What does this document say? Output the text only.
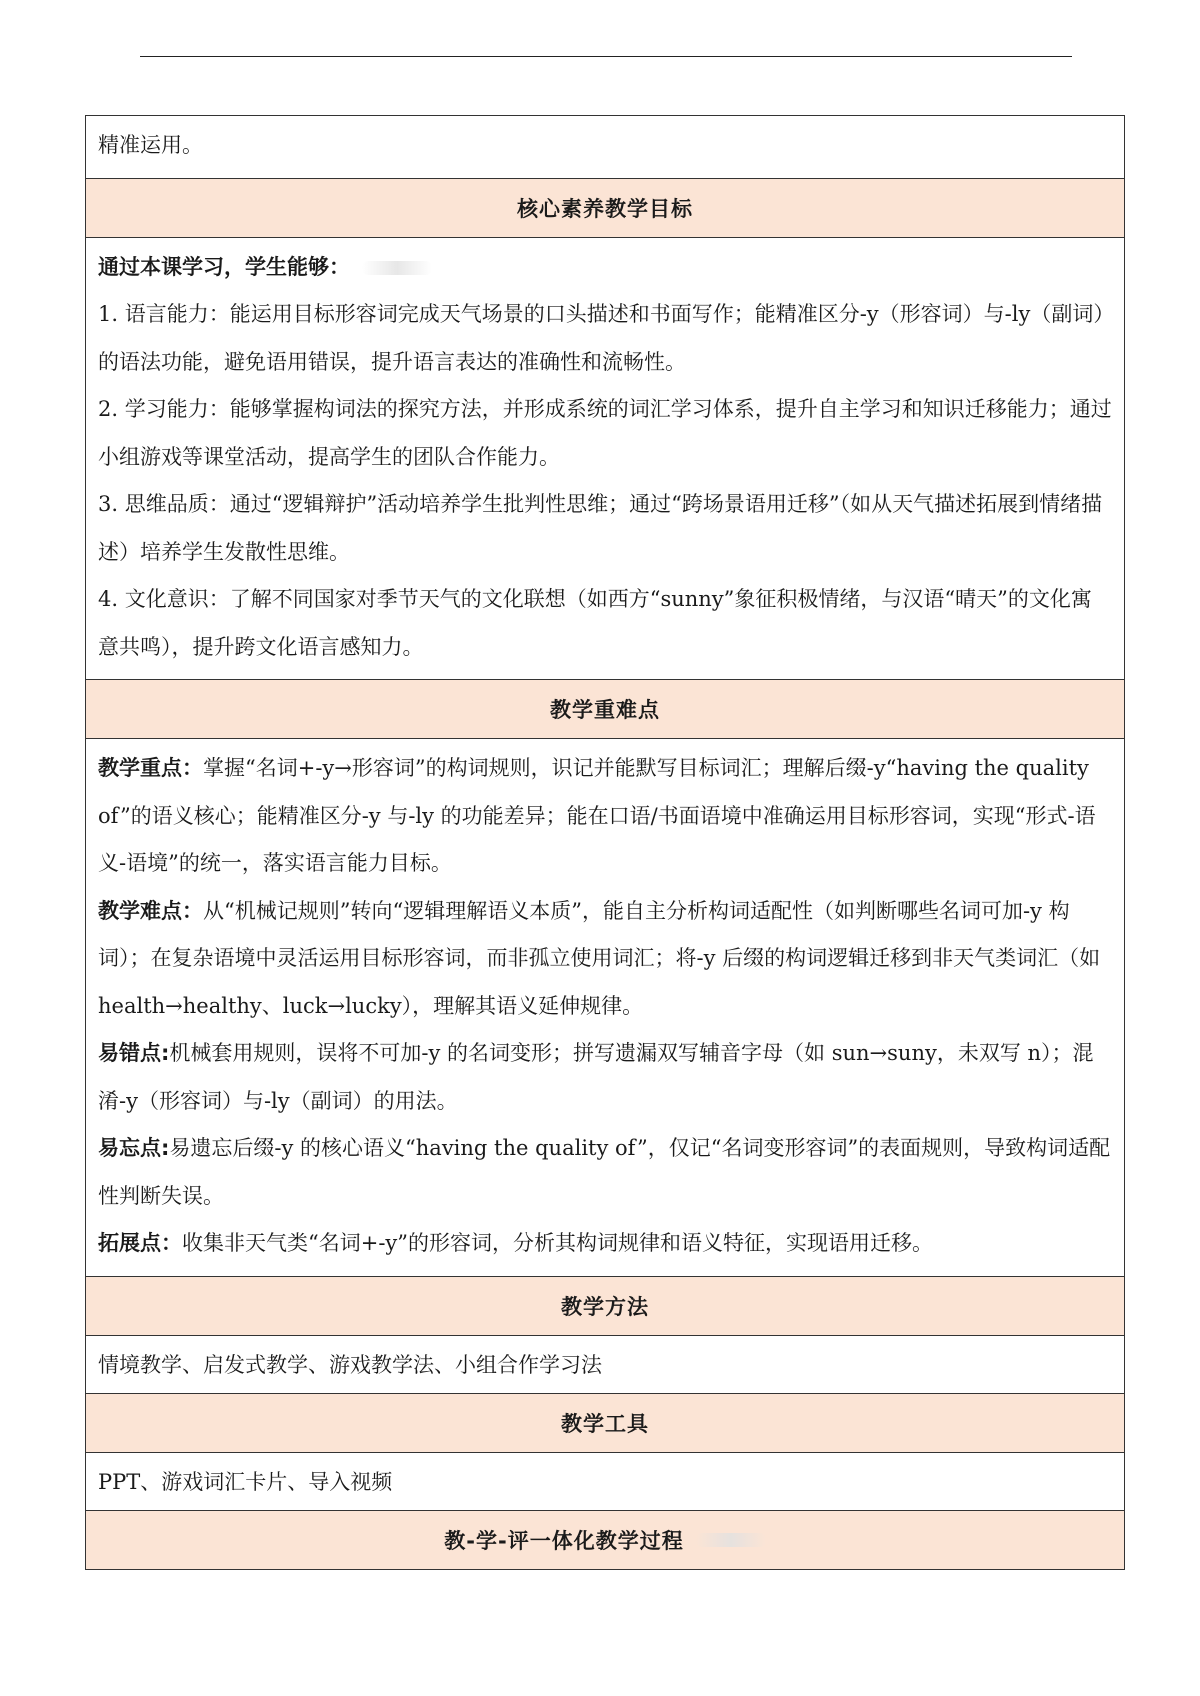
精准运用。

核心素养教学目标

通过本课学习，学生能够：

1. 语言能力：能运用目标形容词完成天气场景的口头描述和书面写作；能精准区分-y（形容词）与-ly（副词）的语法功能，避免语用错误，提升语言表达的准确性和流畅性。

2. 学习能力：能够掌握构词法的探究方法，并形成系统的词汇学习体系，提升自主学习和知识迁移能力；通过小组游戏等课堂活动，提高学生的团队合作能力。

3. 思维品质：通过“逻辑辩护”活动培养学生批判性思维；通过“跨场景语用迁移”（如从天气描述拓展到情绪描述）培养学生发散性思维。

4. 文化意识：了解不同国家对季节天气的文化联想（如西方“sunny”象征积极情绪，与汉语“晴天”的文化寓意共鸣），提升跨文化语言感知力。

教学重难点

教学重点：掌握“名词+-y→形容词”的构词规则，识记并能默写目标词汇；理解后缀-y“having the quality of”的语义核心；能精准区分-y 与-ly 的功能差异；能在口语/书面语境中准确运用目标形容词，实现“形式-语义-语境”的统一，落实语言能力目标。

教学难点：从“机械记规则”转向“逻辑理解语义本质”，能自主分析构词适配性（如判断哪些名词可加-y 构词）；在复杂语境中灵活运用目标形容词，而非孤立使用词汇；将-y 后缀的构词逻辑迁移到非天气类词汇（如 health→healthy、luck→lucky），理解其语义延伸规律。

易错点:机械套用规则，误将不可加-y 的名词变形；拼写遗漏双写辅音字母（如 sun→suny，未双写 n）；混淆-y（形容词）与-ly（副词）的用法。

易忘点:易遗忘后缀-y 的核心语义“having the quality of”，仅记“名词变形容词”的表面规则，导致构词适配性判断失误。

拓展点：收集非天气类“名词+-y”的形容词，分析其构词规律和语义特征，实现语用迁移。

教学方法
情境教学、启发式教学、游戏教学法、小组合作学习法
教学工具
PPT、游戏词汇卡片、导入视频
教-学-评一体化教学过程
